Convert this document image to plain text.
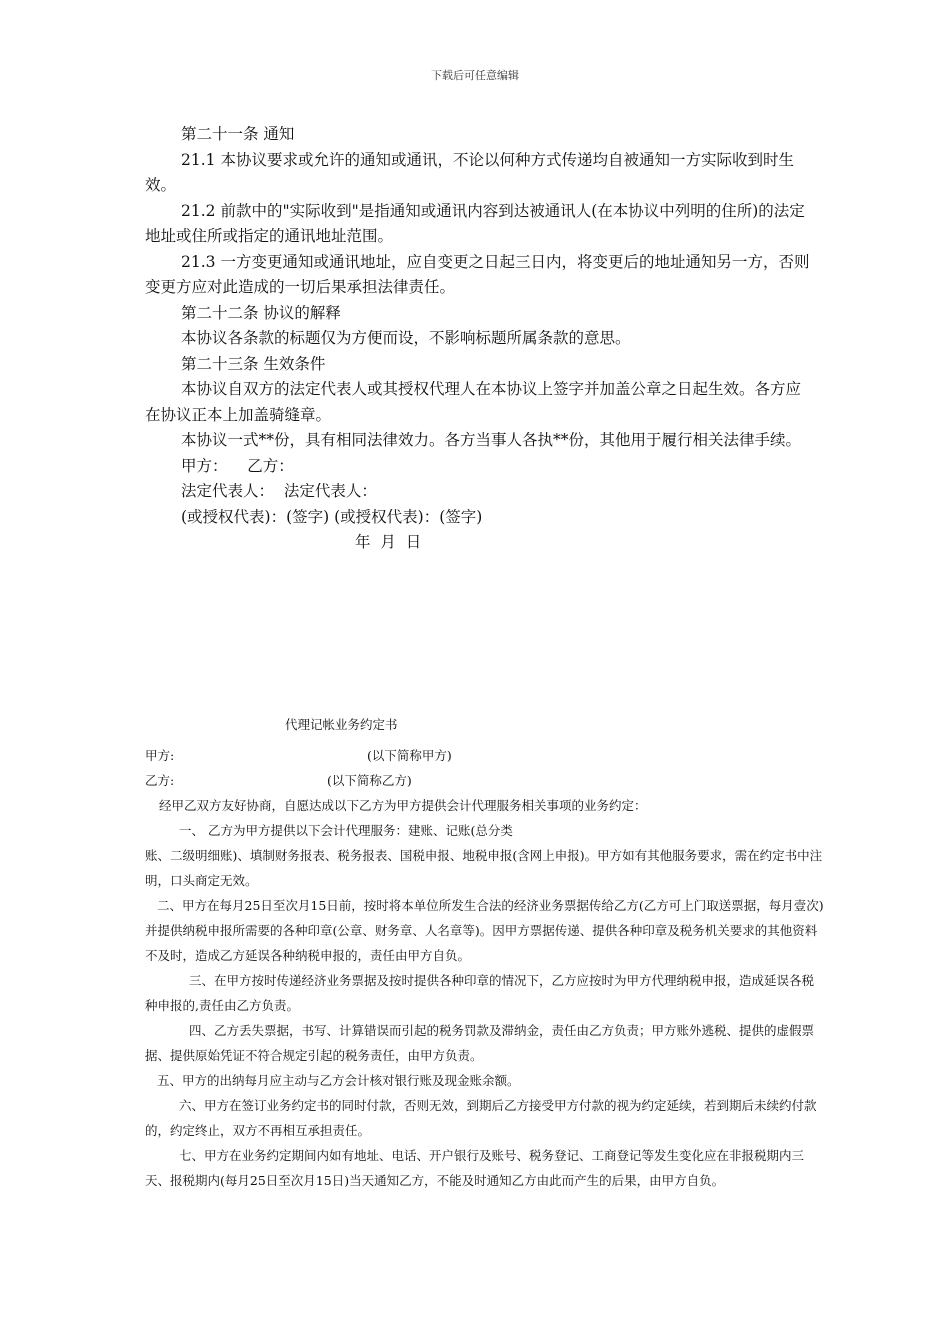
下载后可任意编辑

第二十一条 通知

21.1 本协议要求或允许的通知或通讯，不论以何种方式传递均自被通知一方实际收到时生效。

21.2 前款中的"实际收到"是指通知或通讯内容到达被通讯人(在本协议中列明的住所)的法定地址或住所或指定的通讯地址范围。

21.3 一方变更通知或通讯地址，应自变更之日起三日内，将变更后的地址通知另一方，否则变更方应对此造成的一切后果承担法律责任。

第二十二条 协议的解释

本协议各条款的标题仅为方便而设，不影响标题所属条款的意思。

第二十三条 生效条件

本协议自双方的法定代表人或其授权代理人在本协议上签字并加盖公章之日起生效。各方应在协议正本上加盖骑缝章。

本协议一式**份，具有相同法律效力。各方当事人各执**份，其他用于履行相关法律手续。

甲方：    乙方：

法定代表人：  法定代表人：

(或授权代表)：(签字) (或授权代表)：(签字)

年  月  日

代理记帐业务约定书

甲方:	(以下简称甲方)
乙方:	(以下简称乙方)

经甲乙双方友好协商，自愿达成以下乙方为甲方提供会计代理服务相关事项的业务约定：

一、 乙方为甲方提供以下会计代理服务：建账、记账(总分类

账、二级明细账)、填制财务报表、税务报表、国税申报、地税申报(含网上申报)。甲方如有其他服务要求，需在约定书中注明，口头商定无效。

二、甲方在每月25日至次月15日前，按时将本单位所发生合法的经济业务票据传给乙方(乙方可上门取送票据，每月壹次)并提供纳税申报所需要的各种印章(公章、财务章、人名章等)。因甲方票据传递、提供各种印章及税务机关要求的其他资料不及时，造成乙方延误各种纳税申报的，责任由甲方自负。

三、在甲方按时传递经济业务票据及按时提供各种印章的情况下，乙方应按时为甲方代理纳税申报，造成延误各税种申报的,责任由乙方负责。

四、乙方丢失票据，书写、计算错误而引起的税务罚款及滞纳金，责任由乙方负责；甲方账外逃税、提供的虚假票据、提供原始凭证不符合规定引起的税务责任，由甲方负责。

五、甲方的出纳每月应主动与乙方会计核对银行账及现金账余额。

六、甲方在签订业务约定书的同时付款，否则无效，到期后乙方接受甲方付款的视为约定延续，若到期后未续约付款的，约定终止，双方不再相互承担责任。

七、甲方在业务约定期间内如有地址、电话、开户银行及账号、税务登记、工商登记等发生变化应在非报税期内三天、报税期内(每月25日至次月15日)当天通知乙方，不能及时通知乙方由此而产生的后果，由甲方自负。
